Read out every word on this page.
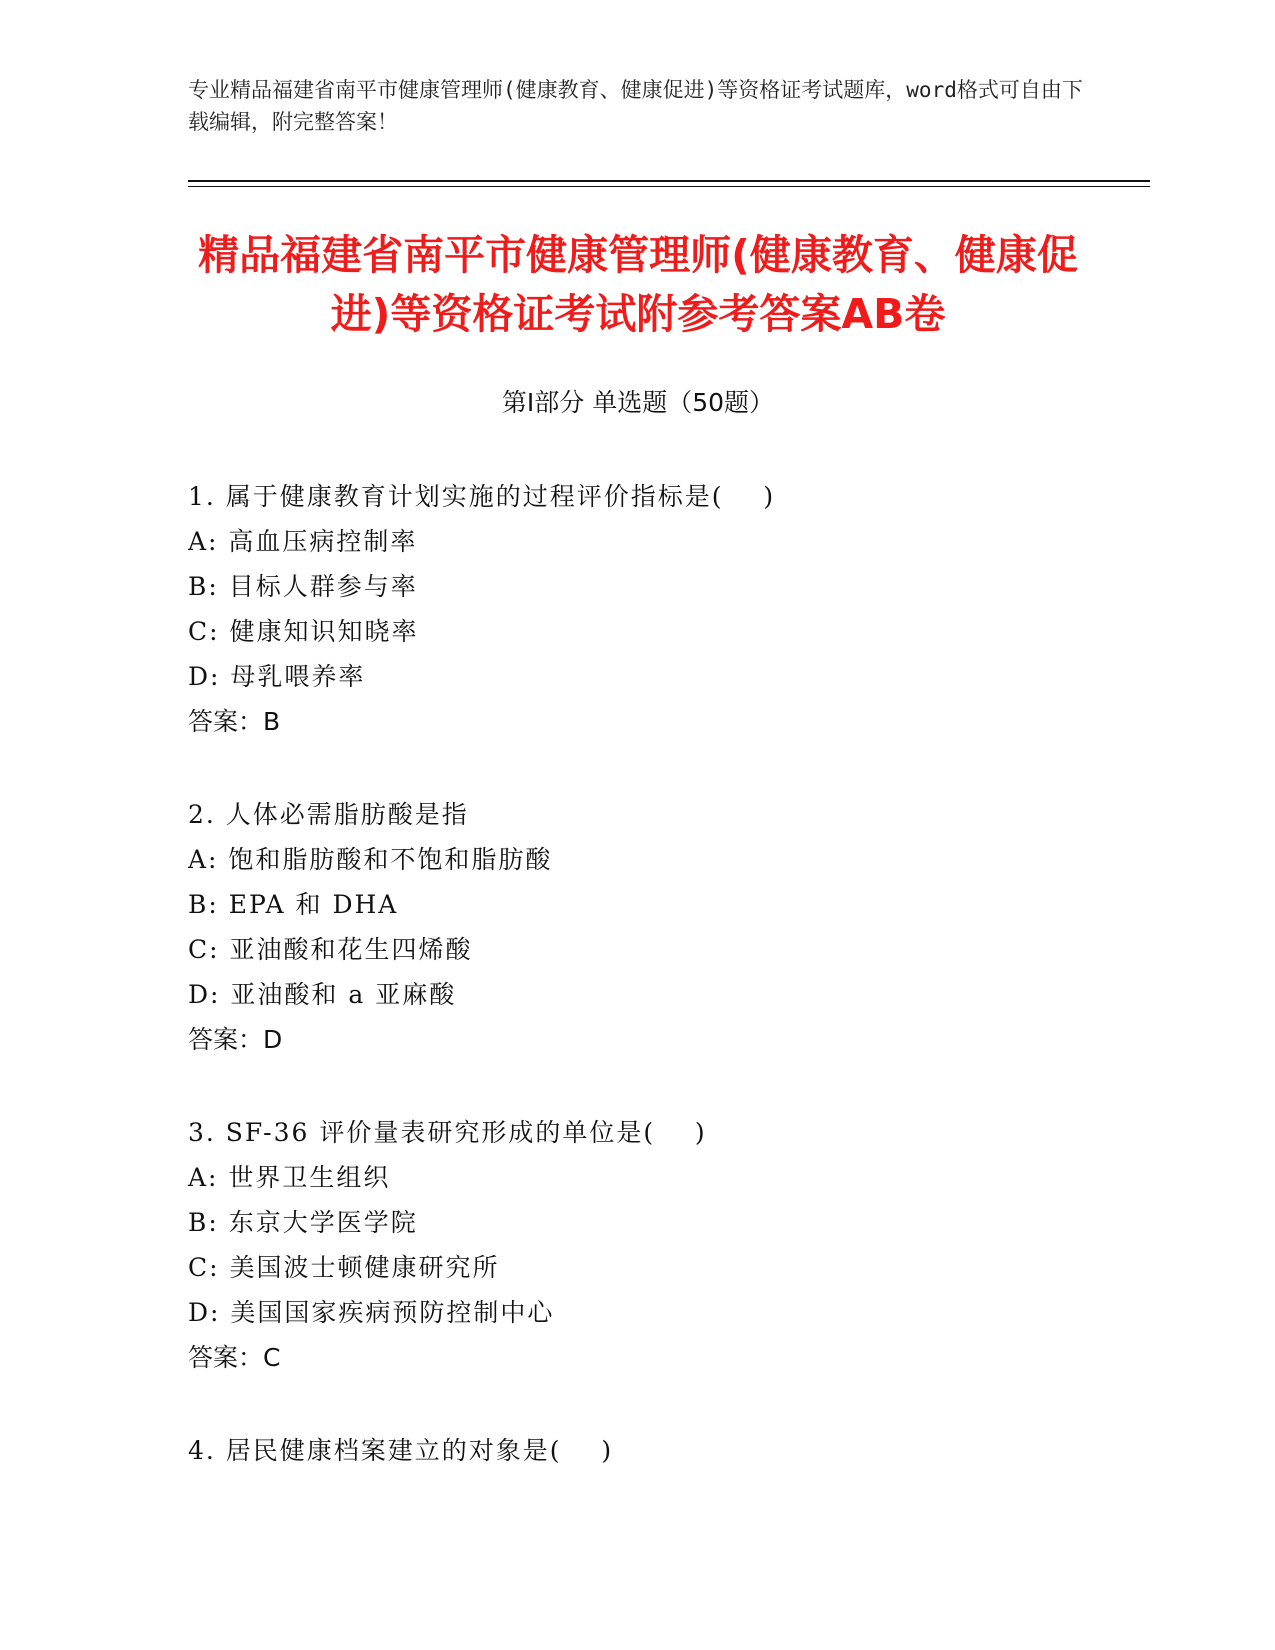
专业精品福建省南平市健康管理师(健康教育、健康促进)等资格证考试题库，word格式可自由下载编辑，附完整答案！
精品福建省南平市健康管理师(健康教育、健康促进)等资格证考试附参考答案AB卷
第Ⅰ部分 单选题（50题）
1. 属于健康教育计划实施的过程评价指标是(    )
A: 高血压病控制率
B: 目标人群参与率
C: 健康知识知晓率
D: 母乳喂养率
答案：B
2. 人体必需脂肪酸是指
A: 饱和脂肪酸和不饱和脂肪酸
B: EPA 和 DHA
C: 亚油酸和花生四烯酸
D: 亚油酸和 a 亚麻酸
答案：D
3. SF-36 评价量表研究形成的单位是(    )
A: 世界卫生组织
B: 东京大学医学院
C: 美国波士顿健康研究所
D: 美国国家疾病预防控制中心
答案：C
4. 居民健康档案建立的对象是(    )
